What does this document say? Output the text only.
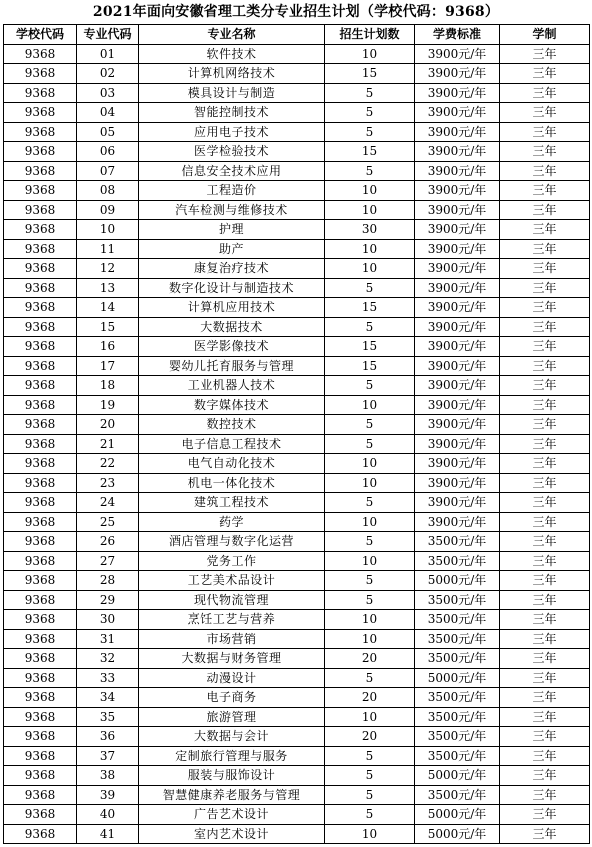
2021年面向安徽省理工类分专业招生计划（学校代码：9368）
学校代码	专业代码	专业名称	招生计划数	学费标准	学制
9368	01	软件技术	10	3900元/年	三年
9368	02	计算机网络技术	15	3900元/年	三年
9368	03	模具设计与制造	5	3900元/年	三年
9368	04	智能控制技术	5	3900元/年	三年
9368	05	应用电子技术	5	3900元/年	三年
9368	06	医学检验技术	15	3900元/年	三年
9368	07	信息安全技术应用	5	3900元/年	三年
9368	08	工程造价	10	3900元/年	三年
9368	09	汽车检测与维修技术	10	3900元/年	三年
9368	10	护理	30	3900元/年	三年
9368	11	助产	10	3900元/年	三年
9368	12	康复治疗技术	10	3900元/年	三年
9368	13	数字化设计与制造技术	5	3900元/年	三年
9368	14	计算机应用技术	15	3900元/年	三年
9368	15	大数据技术	5	3900元/年	三年
9368	16	医学影像技术	15	3900元/年	三年
9368	17	婴幼儿托育服务与管理	15	3900元/年	三年
9368	18	工业机器人技术	5	3900元/年	三年
9368	19	数字媒体技术	10	3900元/年	三年
9368	20	数控技术	5	3900元/年	三年
9368	21	电子信息工程技术	5	3900元/年	三年
9368	22	电气自动化技术	10	3900元/年	三年
9368	23	机电一体化技术	10	3900元/年	三年
9368	24	建筑工程技术	5	3900元/年	三年
9368	25	药学	10	3900元/年	三年
9368	26	酒店管理与数字化运营	5	3500元/年	三年
9368	27	党务工作	10	3500元/年	三年
9368	28	工艺美术品设计	5	5000元/年	三年
9368	29	现代物流管理	5	3500元/年	三年
9368	30	烹饪工艺与营养	10	3500元/年	三年
9368	31	市场营销	10	3500元/年	三年
9368	32	大数据与财务管理	20	3500元/年	三年
9368	33	动漫设计	5	5000元/年	三年
9368	34	电子商务	20	3500元/年	三年
9368	35	旅游管理	10	3500元/年	三年
9368	36	大数据与会计	20	3500元/年	三年
9368	37	定制旅行管理与服务	5	3500元/年	三年
9368	38	服装与服饰设计	5	5000元/年	三年
9368	39	智慧健康养老服务与管理	5	3500元/年	三年
9368	40	广告艺术设计	5	5000元/年	三年
9368	41	室内艺术设计	10	5000元/年	三年
